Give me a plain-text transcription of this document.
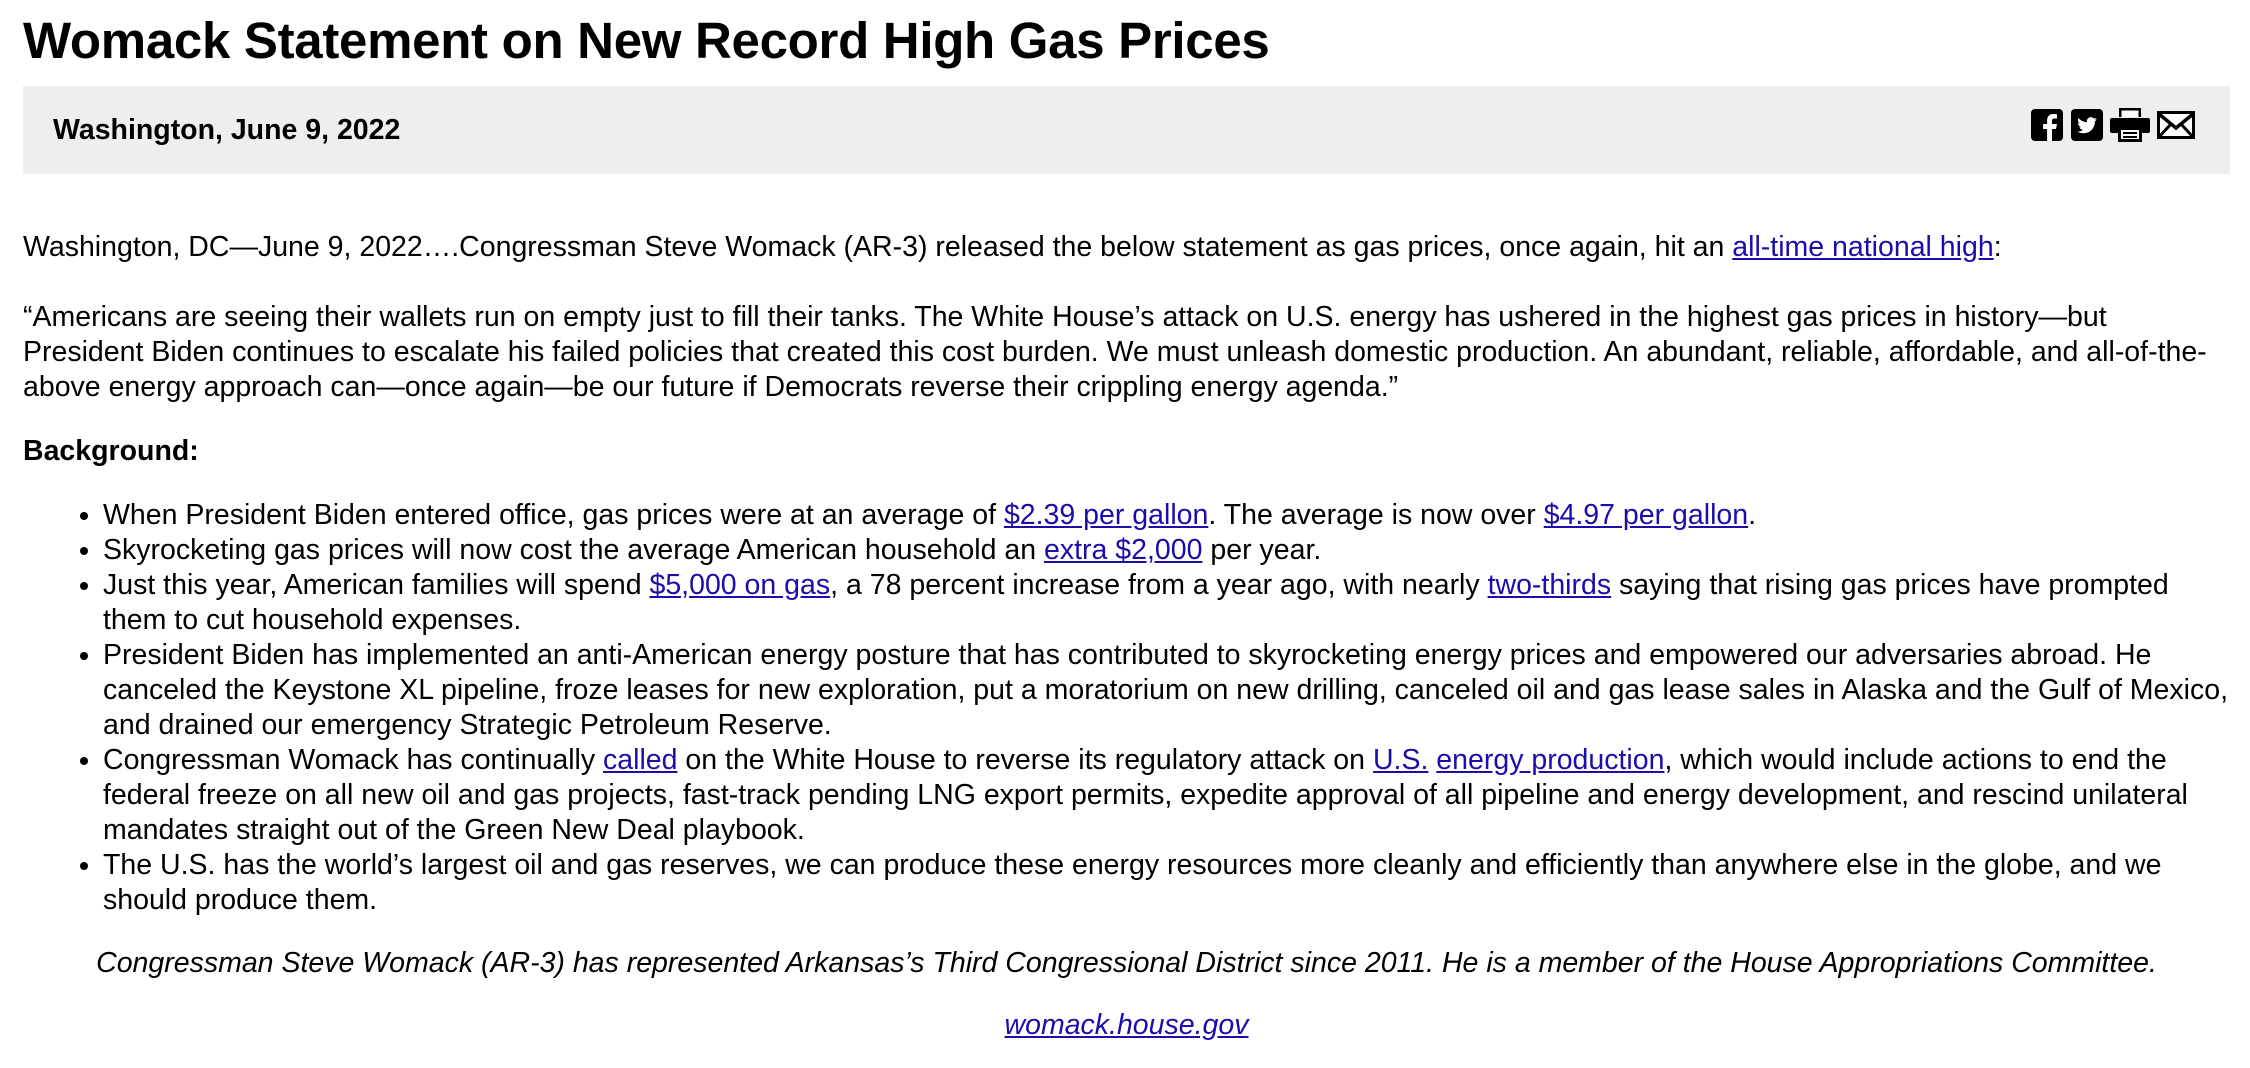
Womack Statement on New Record High Gas Prices
Washington, June 9, 2022

Washington, DC—June 9, 2022….Congressman Steve Womack (AR-3) released the below statement as gas prices, once again, hit an all-time national high:

“Americans are seeing their wallets run on empty just to fill their tanks. The White House’s attack on U.S. energy has ushered in the highest gas prices in history—but President Biden continues to escalate his failed policies that created this cost burden. We must unleash domestic production. An abundant, reliable, affordable, and all-of-the-above energy approach can—once again—be our future if Democrats reverse their crippling energy agenda.”

Background:

• When President Biden entered office, gas prices were at an average of $2.39 per gallon. The average is now over $4.97 per gallon.
• Skyrocketing gas prices will now cost the average American household an extra $2,000 per year.
• Just this year, American families will spend $5,000 on gas, a 78 percent increase from a year ago, with nearly two-thirds saying that rising gas prices have prompted them to cut household expenses.
• President Biden has implemented an anti-American energy posture that has contributed to skyrocketing energy prices and empowered our adversaries abroad. He canceled the Keystone XL pipeline, froze leases for new exploration, put a moratorium on new drilling, canceled oil and gas lease sales in Alaska and the Gulf of Mexico, and drained our emergency Strategic Petroleum Reserve.
• Congressman Womack has continually called on the White House to reverse its regulatory attack on U.S. energy production, which would include actions to end the federal freeze on all new oil and gas projects, fast-track pending LNG export permits, expedite approval of all pipeline and energy development, and rescind unilateral mandates straight out of the Green New Deal playbook.
• The U.S. has the world’s largest oil and gas reserves, we can produce these energy resources more cleanly and efficiently than anywhere else in the globe, and we should produce them.

Congressman Steve Womack (AR-3) has represented Arkansas’s Third Congressional District since 2011. He is a member of the House Appropriations Committee.

womack.house.gov
